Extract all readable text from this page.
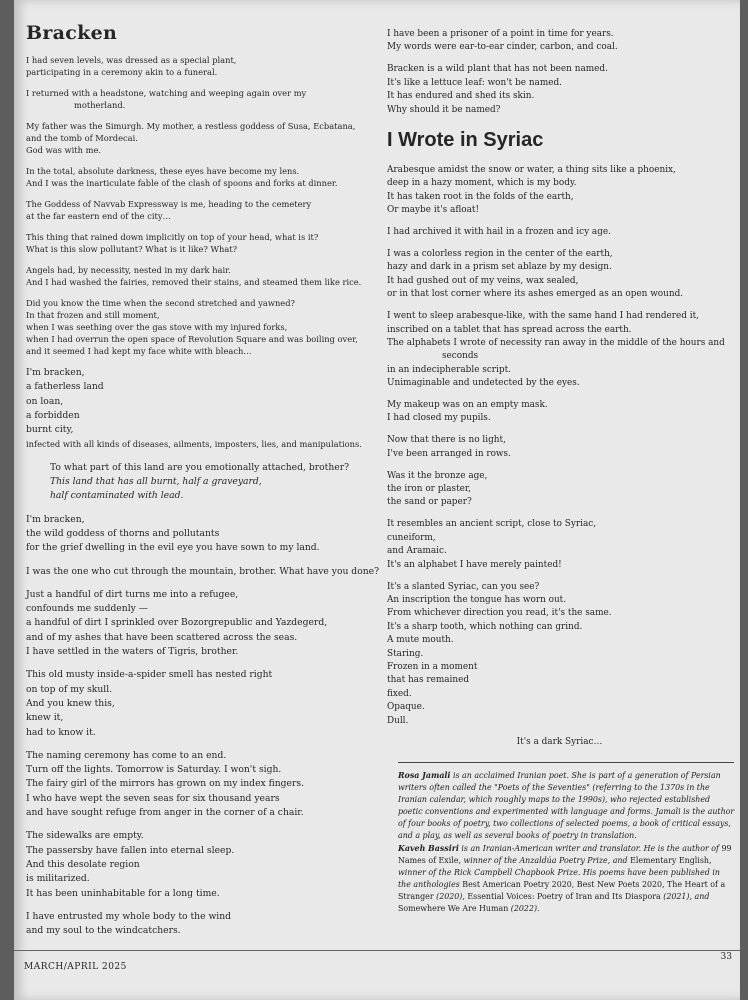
Bracken
I had seven levels, was dressed as a special plant,
participating in a ceremony akin to a funeral.
I returned with a headstone, watching and weeping again over my
motherland.
My father was the Simurgh. My mother, a restless goddess of Susa, Ecbatana,
and the tomb of Mordecai.
God was with me.
In the total, absolute darkness, these eyes have become my lens.
And I was the inarticulate fable of the clash of spoons and forks at dinner.
The Goddess of Navvab Expressway is me, heading to the cemetery
at the far eastern end of the city…
This thing that rained down implicitly on top of your head, what is it?
What is this slow pollutant? What is it like? What?
Angels had, by necessity, nested in my dark hair.
And I had washed the fairies, removed their stains, and steamed them like rice.
Did you know the time when the second stretched and yawned?
In that frozen and still moment,
when I was seething over the gas stove with my injured forks,
when I had overrun the open space of Revolution Square and was boiling over,
and it seemed I had kept my face white with bleach…
I'm bracken,
a fatherless land
on loan,
a forbidden
burnt city,
infected with all kinds of diseases, ailments, imposters, lies, and manipulations.
To what part of this land are you emotionally attached, brother?
This land that has all burnt, half a graveyard,
half contaminated with lead.
I'm bracken,
the wild goddess of thorns and pollutants
for the grief dwelling in the evil eye you have sown to my land.
I was the one who cut through the mountain, brother. What have you done?
Just a handful of dirt turns me into a refugee,
confounds me suddenly —
a handful of dirt I sprinkled over Bozorgrepublic and Yazdegerd,
and of my ashes that have been scattered across the seas.
I have settled in the waters of Tigris, brother.
This old musty inside-a-spider smell has nested right
on top of my skull.
And you knew this,
knew it,
had to know it.
The naming ceremony has come to an end.
Turn off the lights. Tomorrow is Saturday. I won't sigh.
The fairy girl of the mirrors has grown on my index fingers.
I who have wept the seven seas for six thousand years
and have sought refuge from anger in the corner of a chair.
The sidewalks are empty.
The passersby have fallen into eternal sleep.
And this desolate region
is militarized.
It has been uninhabitable for a long time.
I have entrusted my whole body to the wind
and my soul to the windcatchers.
I have been a prisoner of a point in time for years.
My words were ear-to-ear cinder, carbon, and coal.
Bracken is a wild plant that has not been named.
It's like a lettuce leaf: won't be named.
It has endured and shed its skin.
Why should it be named?
I Wrote in Syriac
Arabesque amidst the snow or water, a thing sits like a phoenix,
deep in a hazy moment, which is my body.
It has taken root in the folds of the earth,
Or maybe it's afloat!
I had archived it with hail in a frozen and icy age.
I was a colorless region in the center of the earth,
hazy and dark in a prism set ablaze by my design.
It had gushed out of my veins, wax sealed,
or in that lost corner where its ashes emerged as an open wound.
I went to sleep arabesque-like, with the same hand I had rendered it,
inscribed on a tablet that has spread across the earth.
The alphabets I wrote of necessity ran away in the middle of the hours and
seconds
in an indecipherable script.
Unimaginable and undetected by the eyes.
My makeup was on an empty mask.
I had closed my pupils.
Now that there is no light,
I've been arranged in rows.
Was it the bronze age,
the iron or plaster,
the sand or paper?
It resembles an ancient script, close to Syriac,
cuneiform,
and Aramaic.
It's an alphabet I have merely painted!
It's a slanted Syriac, can you see?
An inscription the tongue has worn out.
From whichever direction you read, it's the same.
It's a sharp tooth, which nothing can grind.
A mute mouth.
Staring.
Frozen in a moment
that has remained
fixed.
Opaque.
Dull.
It's a dark Syriac…

Rosa Jamali is an acclaimed Iranian poet. She is part of a generation of Persian writers often called the "Poets of the Seventies" (referring to the 1370s in the Iranian calendar, which roughly maps to the 1990s), who rejected established poetic conventions and experimented with language and forms. Jamali is the author of four books of poetry, two collections of selected poems, a book of critical essays, and a play, as well as several books of poetry in translation.

Kaveh Bassiri is an Iranian-American writer and translator. He is the author of 99 Names of Exile, winner of the Anzaldúa Poetry Prize, and Elementary English, winner of the Rick Campbell Chapbook Prize. His poems have been published in the anthologies Best American Poetry 2020, Best New Poets 2020, The Heart of a Stranger (2020), Essential Voices: Poetry of Iran and Its Diaspora (2021), and Somewhere We Are Human (2022).

MARCH/APRIL 2025
33
